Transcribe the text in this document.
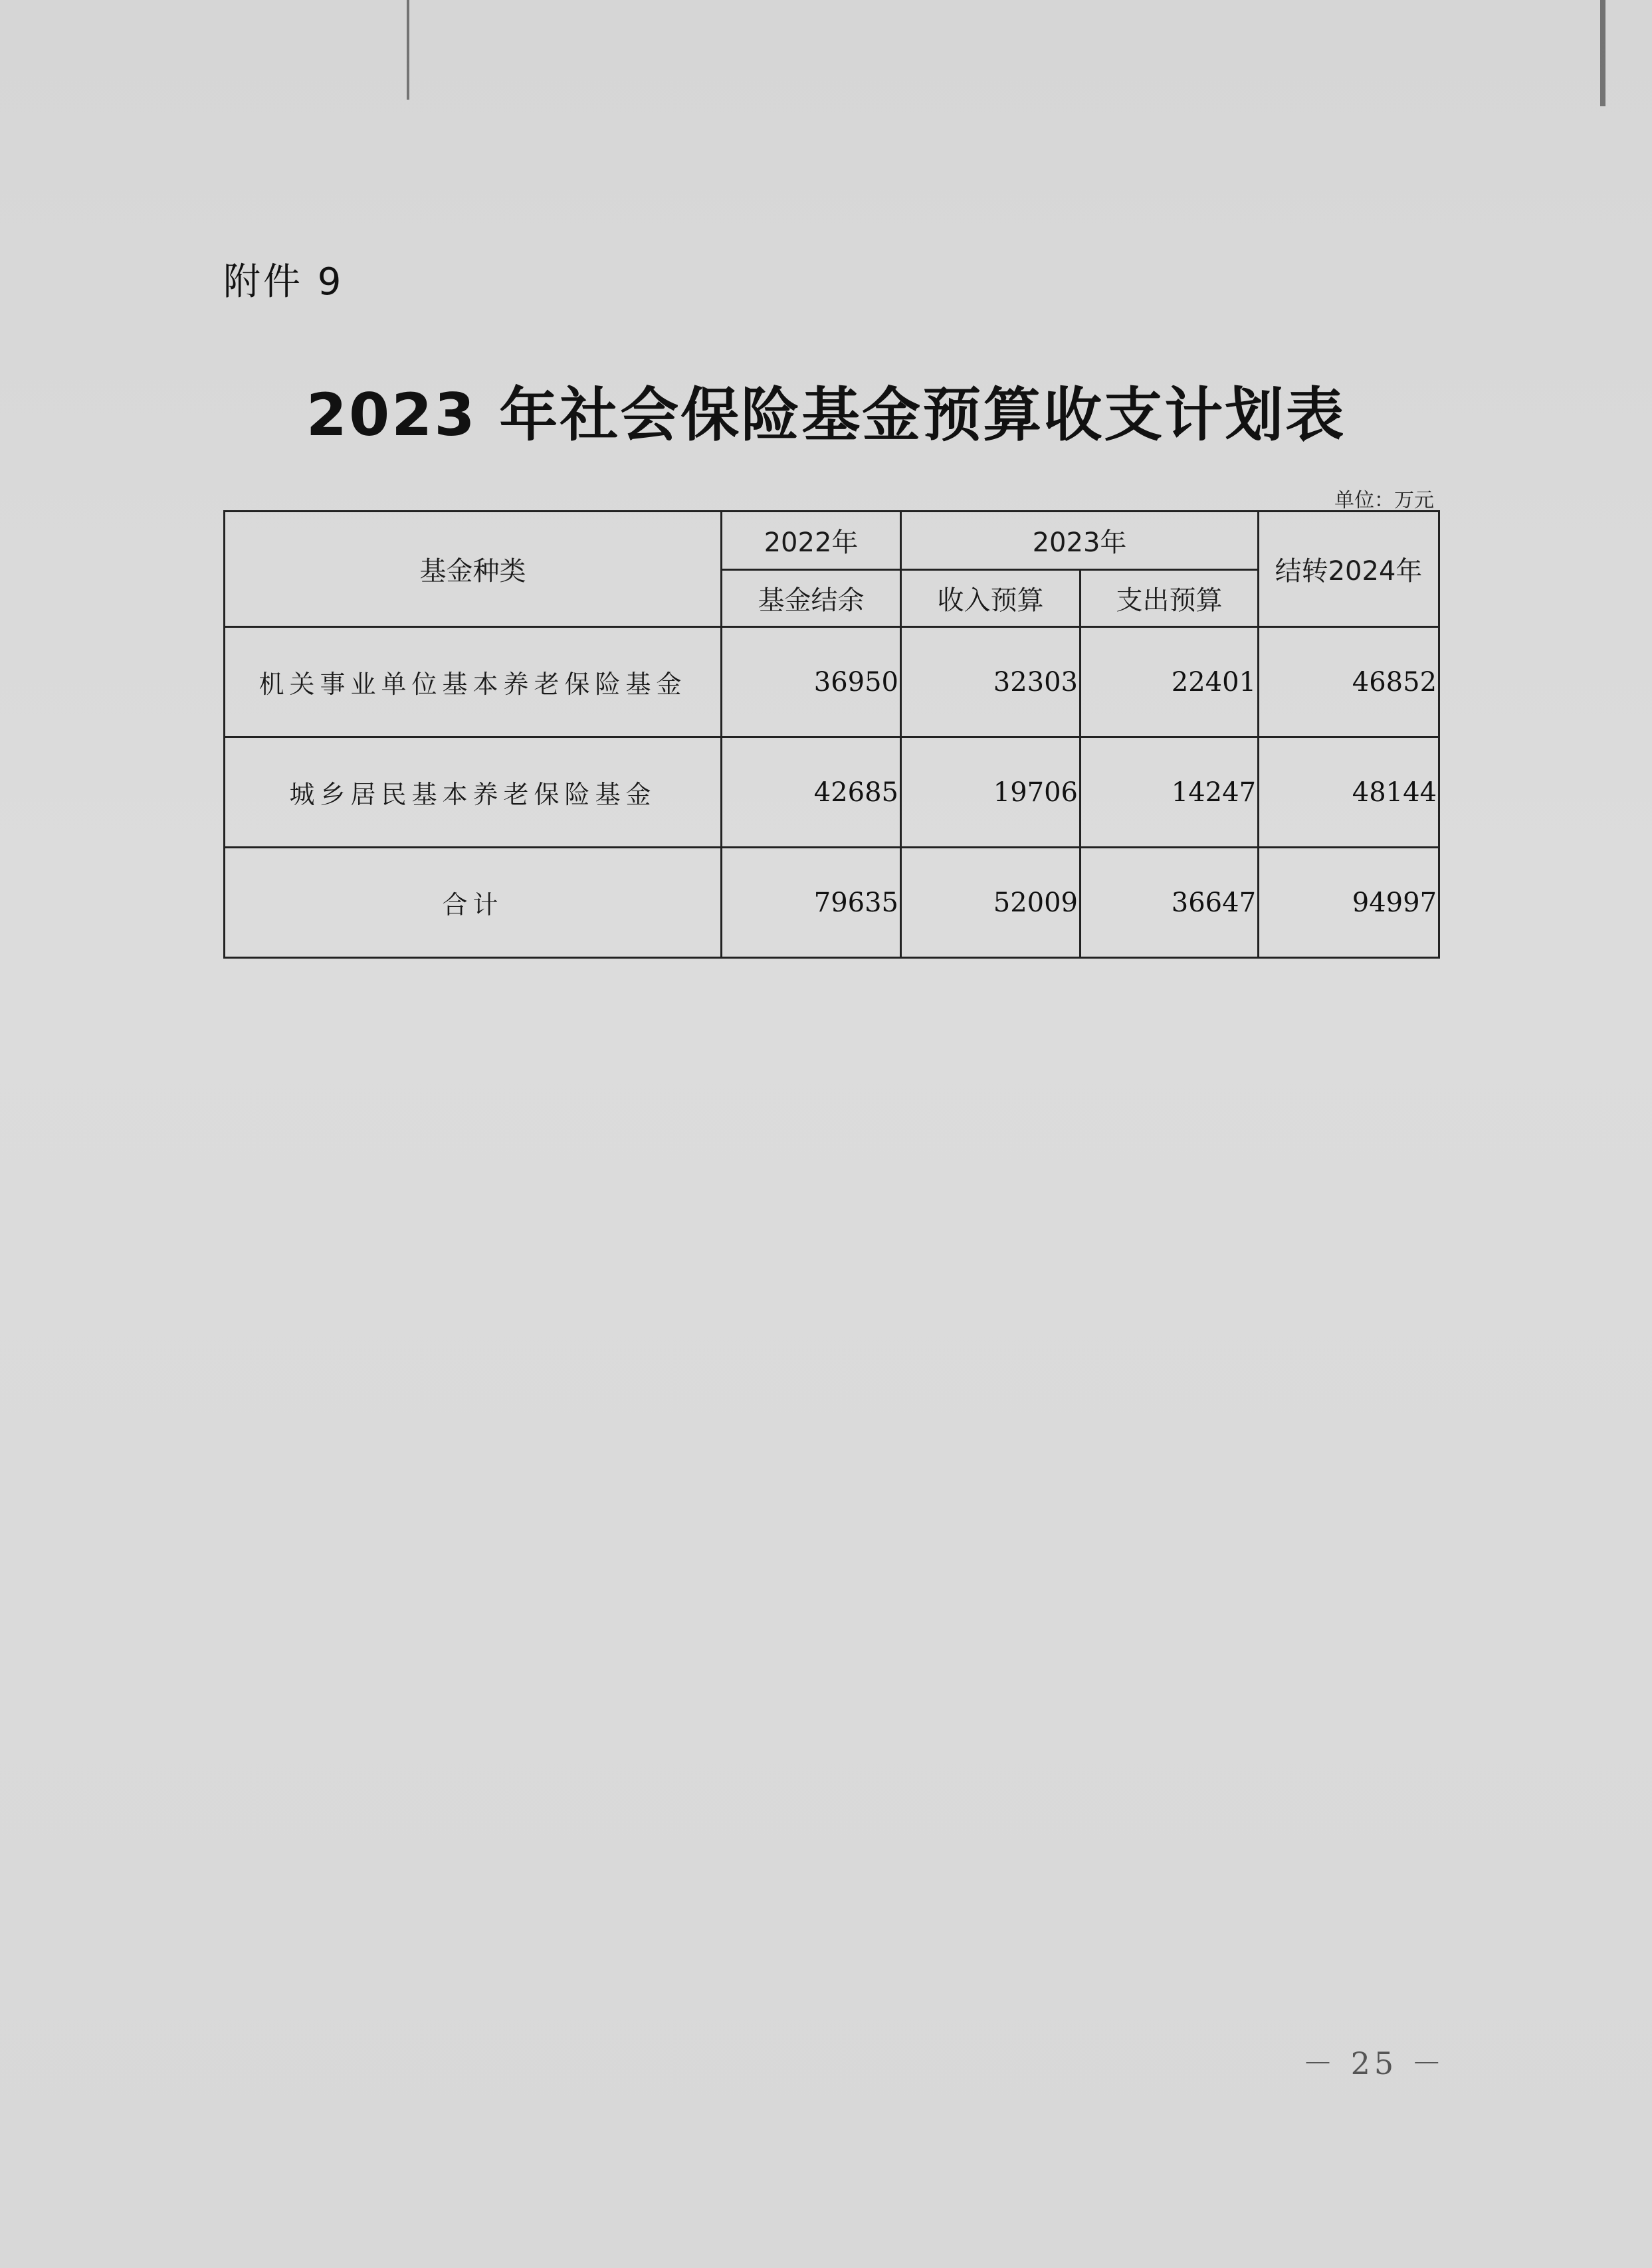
附件 9
2023 年社会保险基金预算收支计划表
单位：万元
基金种类	2022年	2023年		结转2024年
	基金结余	收入预算	支出预算	
机关事业单位基本养老保险基金	36950	32303	22401	46852
城乡居民基本养老保险基金	42685	19706	14247	48144
合计	79635	52009	36647	94997
－ 25 －
